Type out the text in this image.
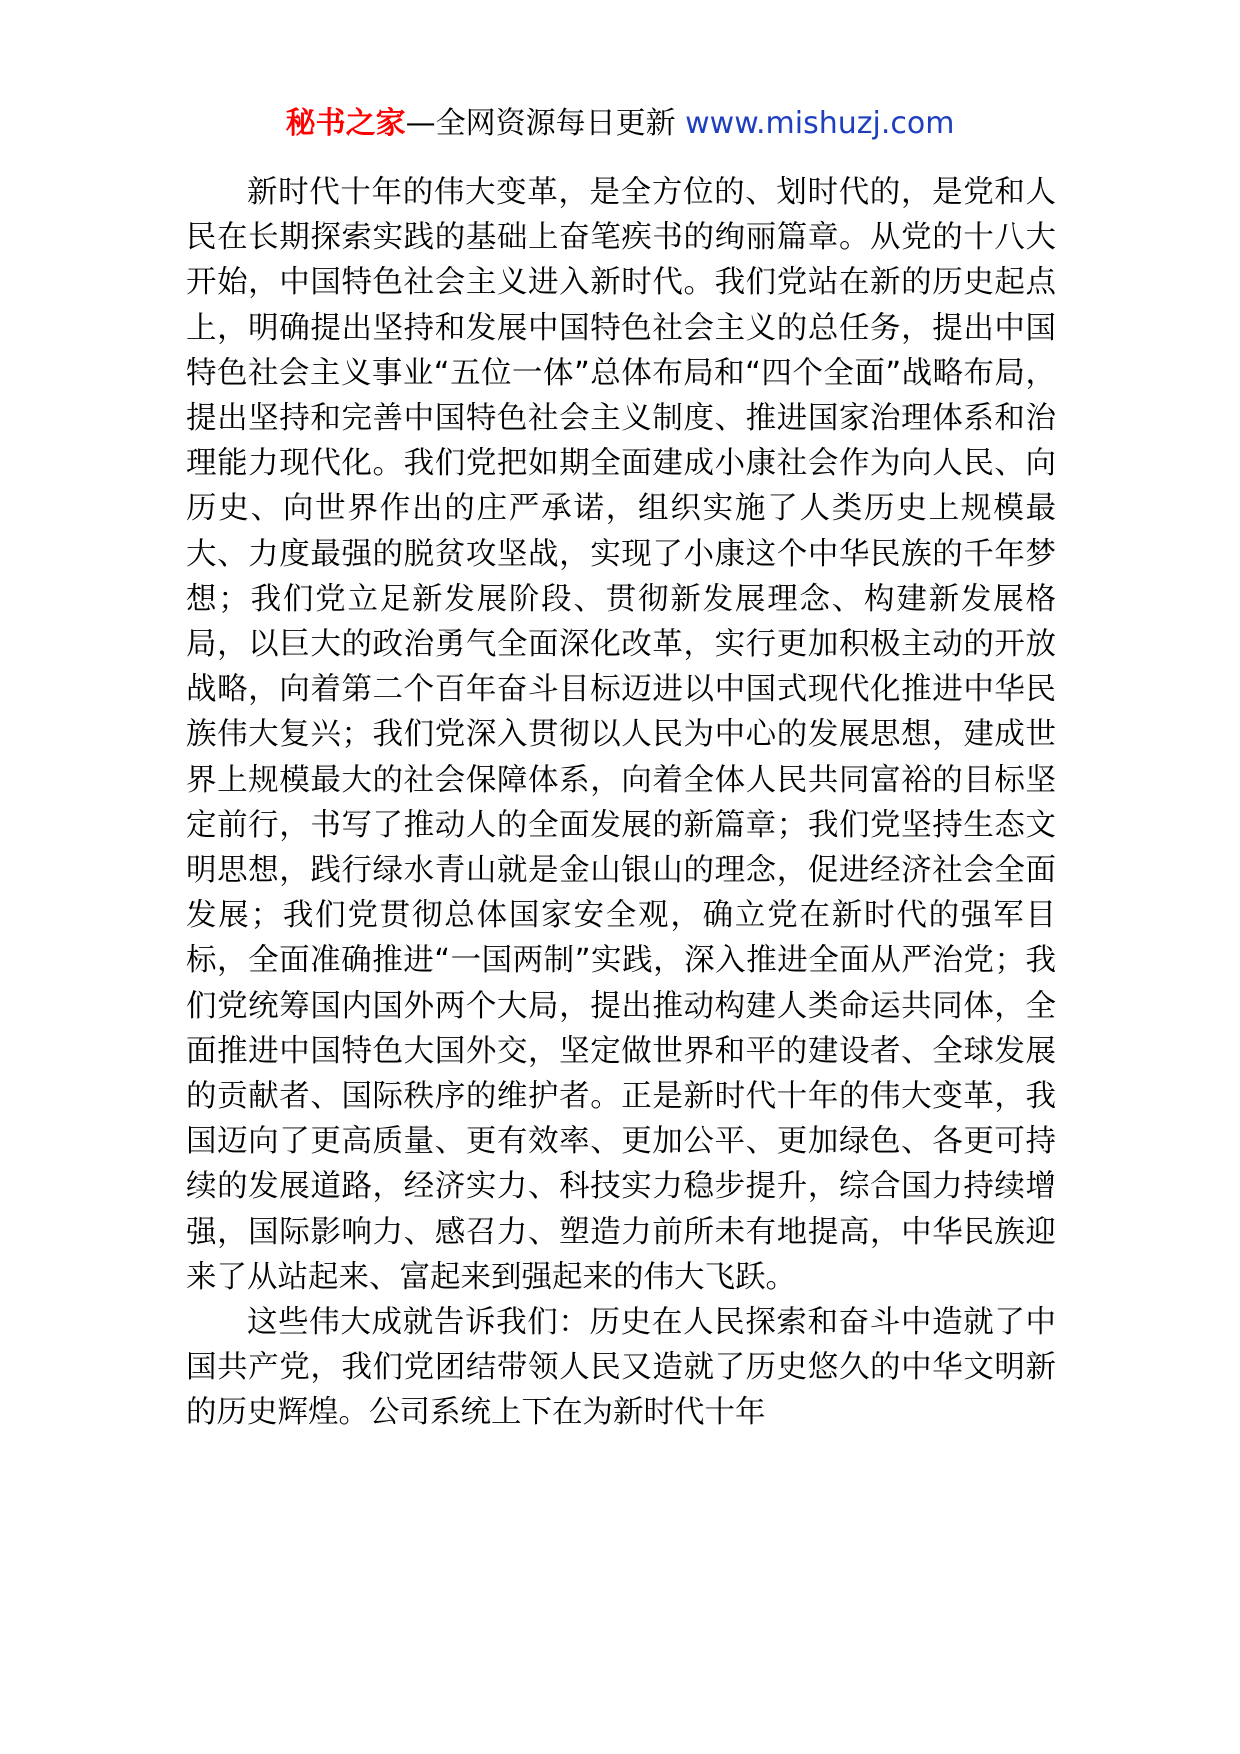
秘书之家—全网资源每日更新 www.mishuzj.com

新时代十年的伟大变革，是全方位的、划时代的，是党和人民在长期探索实践的基础上奋笔疾书的绚丽篇章。从党的十八大开始，中国特色社会主义进入新时代。我们党站在新的历史起点上，明确提出坚持和发展中国特色社会主义的总任务，提出中国特色社会主义事业“五位一体”总体布局和“四个全面”战略布局，提出坚持和完善中国特色社会主义制度、推进国家治理体系和治理能力现代化。我们党把如期全面建成小康社会作为向人民、向历史、向世界作出的庄严承诺，组织实施了人类历史上规模最大、力度最强的脱贫攻坚战，实现了小康这个中华民族的千年梦想；我们党立足新发展阶段、贯彻新发展理念、构建新发展格局，以巨大的政治勇气全面深化改革，实行更加积极主动的开放战略，向着第二个百年奋斗目标迈进以中国式现代化推进中华民族伟大复兴；我们党深入贯彻以人民为中心的发展思想，建成世界上规模最大的社会保障体系，向着全体人民共同富裕的目标坚定前行，书写了推动人的全面发展的新篇章；我们党坚持生态文明思想，践行绿水青山就是金山银山的理念，促进经济社会全面发展；我们党贯彻总体国家安全观，确立党在新时代的强军目标，全面准确推进“一国两制”实践，深入推进全面从严治党；我们党统筹国内国外两个大局，提出推动构建人类命运共同体，全面推进中国特色大国外交，坚定做世界和平的建设者、全球发展的贡献者、国际秩序的维护者。正是新时代十年的伟大变革，我国迈向了更高质量、更有效率、更加公平、更加绿色、各更可持续的发展道路，经济实力、科技实力稳步提升，综合国力持续增强，国际影响力、感召力、塑造力前所未有地提高，中华民族迎来了从站起来、富起来到强起来的伟大飞跃。

这些伟大成就告诉我们：历史在人民探索和奋斗中造就了中国共产党，我们党团结带领人民又造就了历史悠久的中华文明新的历史辉煌。公司系统上下在为新时代十年
